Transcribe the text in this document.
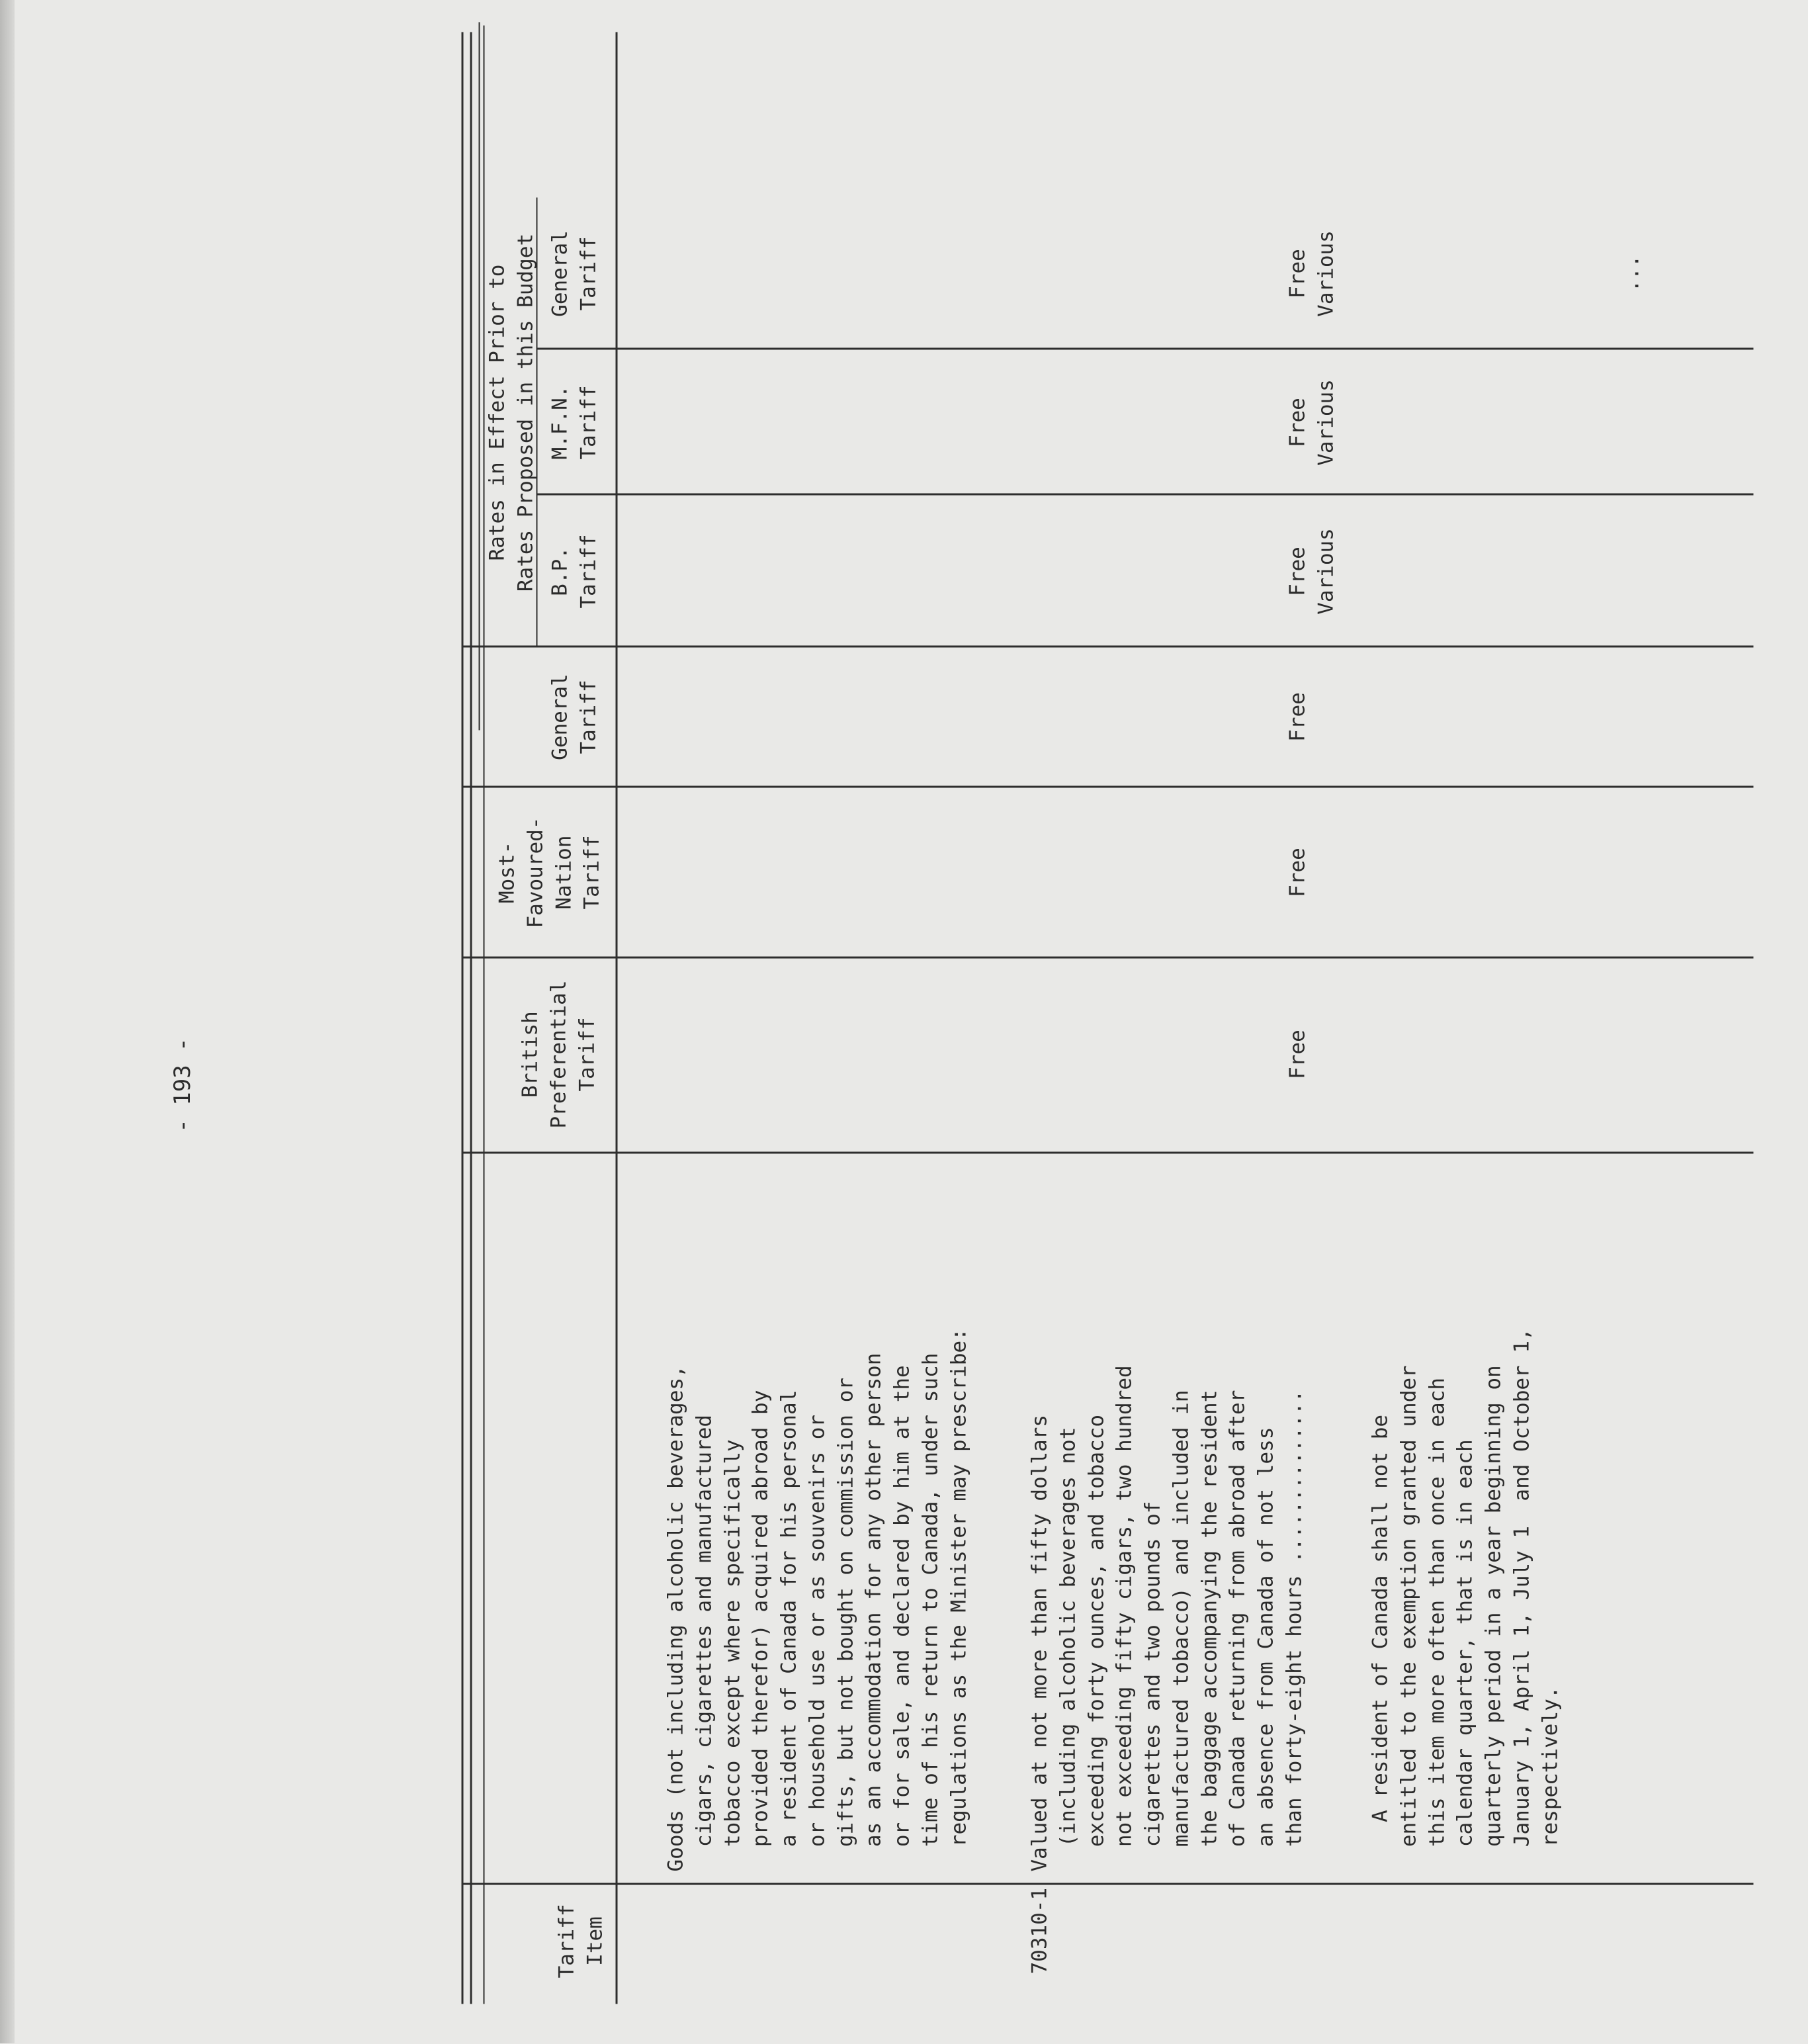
- 193 -
Tariff
Item
British
Preferential
Tariff
Most-
Favoured-
Nation
Tariff
General
Tariff
Rates in Effect Prior to
Rates Proposed in this Budget
B.P.
Tariff
M.F.N.
Tariff
General
Tariff
Goods (not including alcoholic beverages,
cigars, cigarettes and manufactured
tobacco except where specifically
provided therefor) acquired abroad by
a resident of Canada for his personal
or household use or as souvenirs or
gifts, but not bought on commission or
as an accommodation for any other person
or for sale, and declared by him at the
time of his return to Canada, under such
regulations as the Minister may prescribe:
70310-1
Valued at not more than fifty dollars
(including alcoholic beverages not
exceeding forty ounces, and tobacco
not exceeding fifty cigars, two hundred
cigarettes and two pounds of
manufactured tobacco) and included in
the baggage accompanying the resident
of Canada returning from abroad after
an absence from Canada of not less
than forty-eight hours ..............
Free
Free
Free
Free
Various
Free
Various
Free
Various
A resident of Canada shall not be
entitled to the exemption granted under
this item more often than once in each
calendar quarter, that is in each
quarterly period in a year beginning on
January 1, April 1, July 1  and October 1,
respectively.
...
